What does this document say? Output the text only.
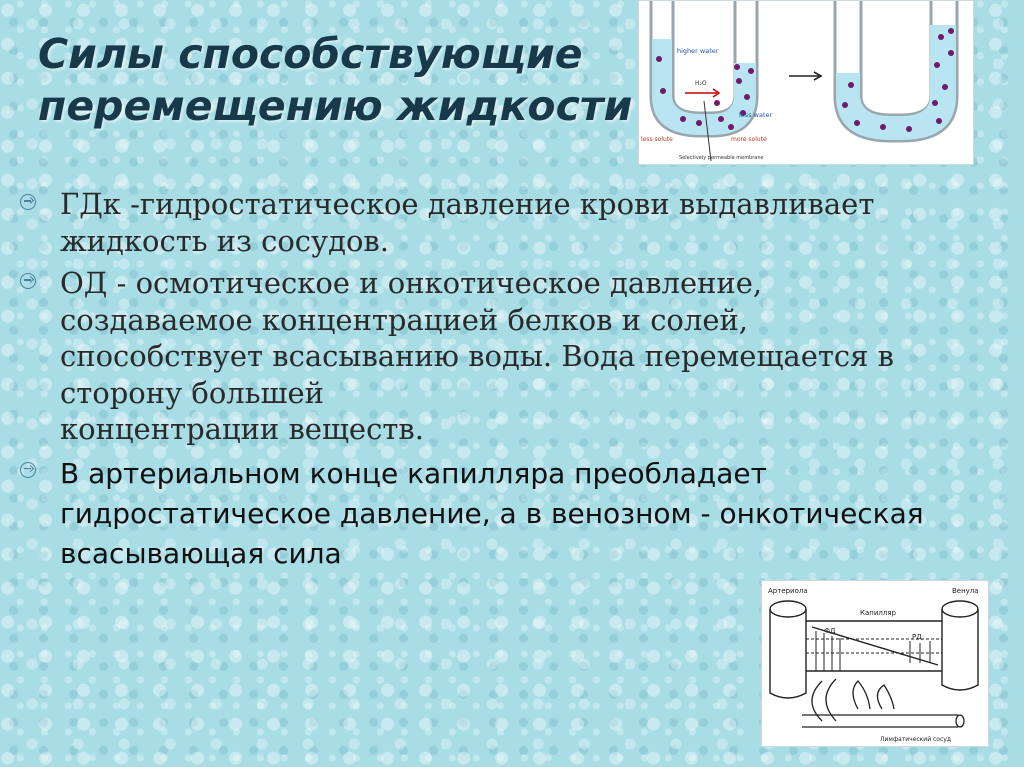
Силы способствующие перемещению жидкости
higher water
H₂O
less water
less solute	more solute
Selectively permeable membrane
ГДк -гидростатическое давление крови выдавливает жидкость из сосудов.
ОД - осмотическое и онкотическое давление, создаваемое концентрацией белков и солей, способствует всасыванию воды. Вода перемещается в сторону большей
концентрации веществ.
В артериальном конце капилляра преобладает гидростатическое давление, а в венозном - онкотическая всасывающая сила
Артериола	Венула
Капилляр
ФД
РД
Лимфатический сосуд
